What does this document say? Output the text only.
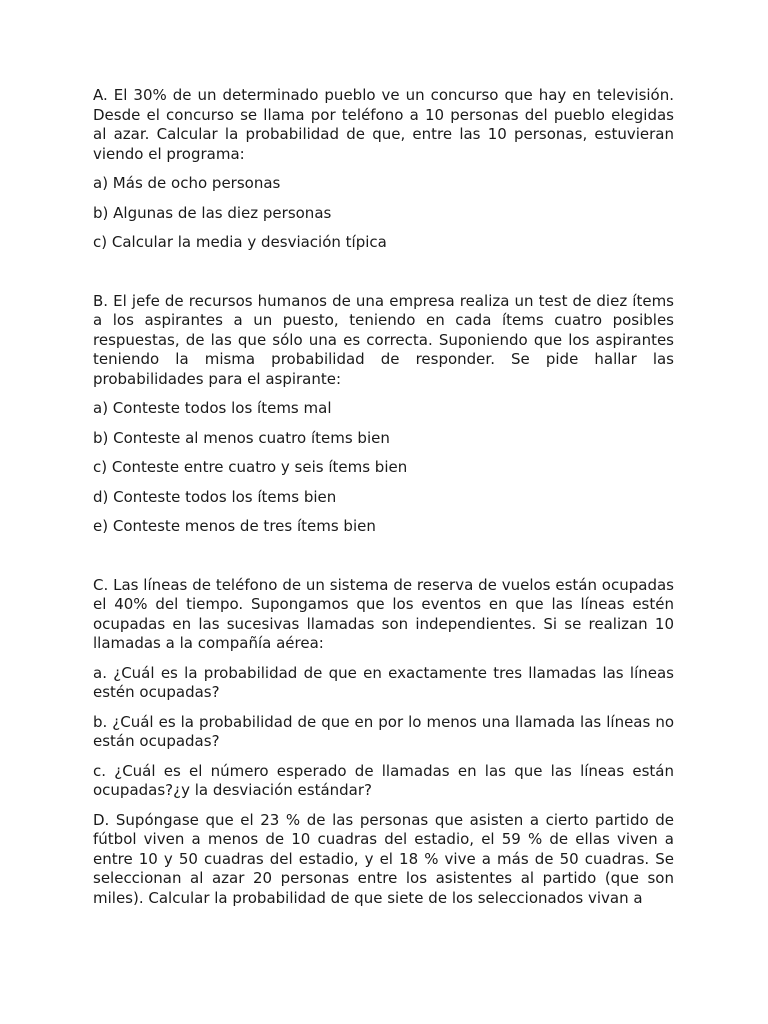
A. El 30% de un determinado pueblo ve un concurso que hay en televisión. Desde el concurso se llama por teléfono a 10 personas del pueblo elegidas al azar. Calcular la probabilidad de que, entre las 10 personas, estuvieran viendo el programa:

a) Más de ocho personas

b) Algunas de las diez personas

c) Calcular la media y desviación típica

B. El jefe de recursos humanos de una empresa realiza un test de diez ítems a los aspirantes a un puesto, teniendo en cada ítems cuatro posibles respuestas, de las que sólo una es correcta. Suponiendo que los aspirantes teniendo la misma probabilidad de responder. Se pide hallar las probabilidades para el aspirante:

a) Conteste todos los ítems mal

b) Conteste al menos cuatro ítems bien

c) Conteste entre cuatro y seis ítems bien

d) Conteste todos los ítems bien

e) Conteste menos de tres ítems bien

C. Las líneas de teléfono de un sistema de reserva de vuelos están ocupadas el 40% del tiempo. Supongamos que los eventos en que las líneas estén ocupadas en las sucesivas llamadas son independientes. Si se realizan 10 llamadas a la compañía aérea:

a. ¿Cuál es la probabilidad de que en exactamente tres llamadas las líneas estén ocupadas?

b. ¿Cuál es la probabilidad de que en por lo menos una llamada las líneas no están ocupadas?

c. ¿Cuál es el número esperado de llamadas en las que las líneas están ocupadas?¿y la desviación estándar?

D. Supóngase que el 23 % de las personas que asisten a cierto partido de fútbol viven a menos de 10 cuadras del estadio, el 59 % de ellas viven a entre 10 y 50 cuadras del estadio, y el 18 % vive a más de 50 cuadras. Se seleccionan al azar 20 personas entre los asistentes al partido (que son miles). Calcular la probabilidad de que siete de los seleccionados vivan a
